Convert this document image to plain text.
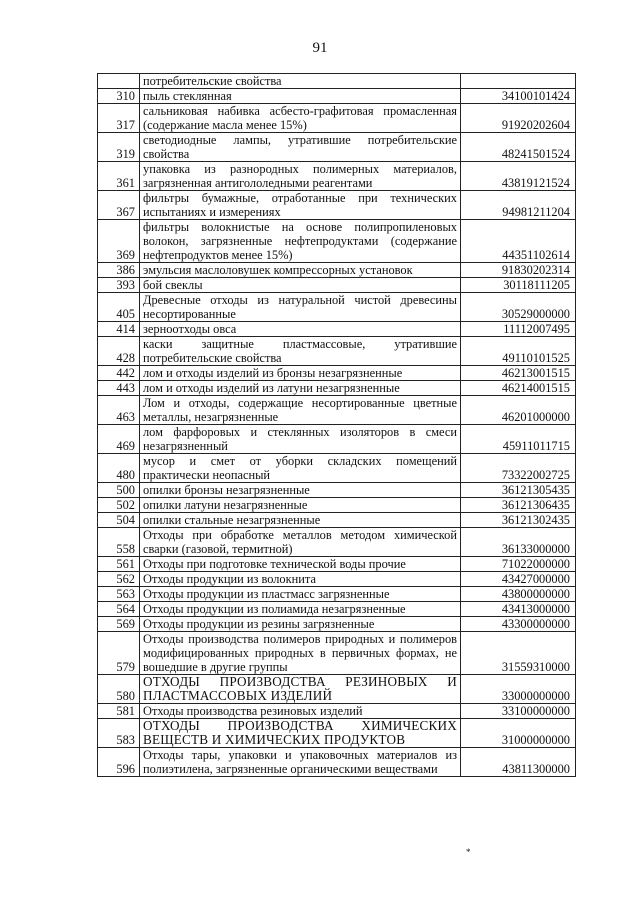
91
	потребительские свойства	
310	пыль стеклянная	34100101424
317	сальниковая набивка асбесто-графитовая промасленная (содержание масла менее 15%)	91920202604
319	светодиодные лампы, утратившие потребительские свойства	48241501524
361	упаковка из разнородных полимерных материалов, загрязненная антигололедными реагентами	43819121524
367	фильтры бумажные, отработанные при технических испытаниях и измерениях	94981211204
369	фильтры волокнистые на основе полипропиленовых волокон, загрязненные нефтепродуктами (содержание нефтепродуктов менее 15%)	44351102614
386	эмульсия маслоловушек компрессорных установок	91830202314
393	бой свеклы	30118111205
405	Древесные отходы из натуральной чистой древесины несортированные	30529000000
414	зерноотходы овса	11112007495
428	каски защитные пластмассовые, утратившие потребительские свойства	49110101525
442	лом и отходы изделий из бронзы незагрязненные	46213001515
443	лом и отходы изделий из латуни незагрязненные	46214001515
463	Лом и отходы, содержащие несортированные цветные металлы, незагрязненные	46201000000
469	лом фарфоровых и стеклянных изоляторов в смеси незагрязненный	45911011715
480	мусор и смет от уборки складских помещений практически неопасный	73322002725
500	опилки бронзы незагрязненные	36121305435
502	опилки латуни незагрязненные	36121306435
504	опилки стальные незагрязненные	36121302435
558	Отходы при обработке металлов методом химической сварки (газовой, термитной)	36133000000
561	Отходы при подготовке технической воды прочие	71022000000
562	Отходы продукции из волокнита	43427000000
563	Отходы продукции из пластмасс загрязненные	43800000000
564	Отходы продукции из полиамида незагрязненные	43413000000
569	Отходы продукции из резины загрязненные	43300000000
579	Отходы производства полимеров природных и полимеров модифицированных природных в первичных формах, не вошедшие в другие группы	31559310000
580	ОТХОДЫ ПРОИЗВОДСТВА РЕЗИНОВЫХ И ПЛАСТМАССОВЫХ ИЗДЕЛИЙ	33000000000
581	Отходы производства резиновых изделий	33100000000
583	ОТХОДЫ ПРОИЗВОДСТВА ХИМИЧЕСКИХ ВЕЩЕСТВ И ХИМИЧЕСКИХ ПРОДУКТОВ	31000000000
596	Отходы тары, упаковки и упаковочных материалов из полиэтилена, загрязненные органическими веществами	43811300000
*
